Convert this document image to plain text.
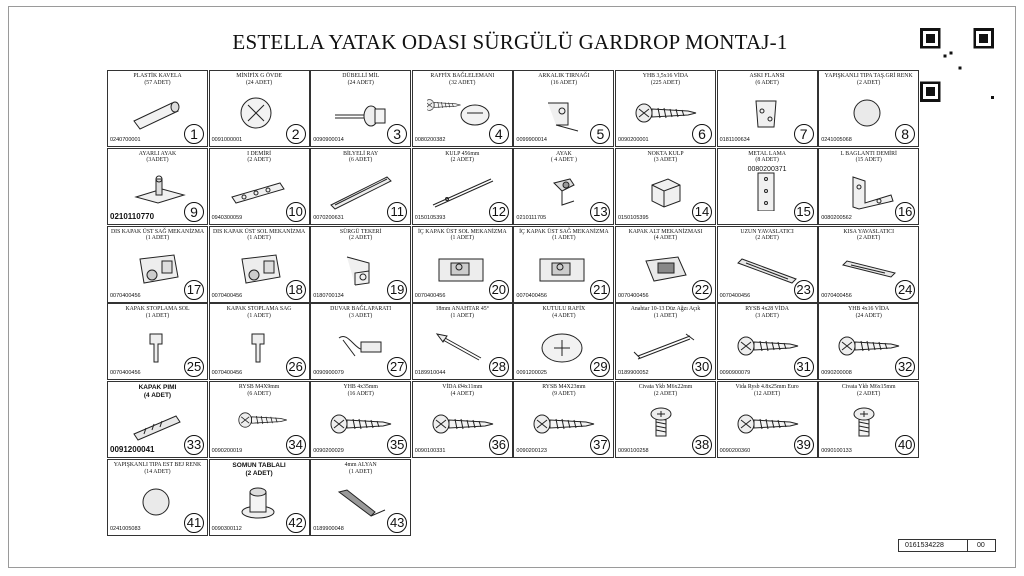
ESTELLA YATAK ODASI SÜRGÜLÜ GARDROP MONTAJ-1
PLASTİK KAVELA
(57 ADET)
0240700001	1
MİNİFİX G ÖVDE
(24 ADET)
0091000001	2
DÜBELLİ MİL
(24 ADET)
0090900014	3
RAFFİX BAĞLELEMANI
(32 ADET)
0080200382	4
ARKALIK TIRNAĞI
(16 ADET)
0099900014	5
YHB 3,5x16 VİDA
(225 ADET)
0090200001	6
ASKI FLANSI
(6 ADET)
0181100634	7
YAPIŞKANLI TIPA TAŞ.GRİ RENK
(2 ADET)
0241005068	8
AYARLI AYAK
(3ADET)
0210110770	9
I DEMİRİ
(2 ADET)
0940300059	10
BİLYELİ RAY
(6 ADET)
0070200631	11
KULP 456mm
(2 ADET)
0150105393	12
AYAK
( 4 ADET )
0210111705	13
NOKTA KULP
(3 ADET)
0150105395	14
METAL LAMA
(8 ADET)
0080200371
15
L BAGLANTI DEMİRİ
(15 ADET)
0080200562	16
DIS KAPAK ÜST SAĞ MEKANİZMA
(1 ADET)
0070400456	17
DIS KAPAK ÜST SOL MEKANİZMA
(1 ADET)
0070400456	18
SÜRGÜ TEKERİ
(2 ADET)
0180700134	19
İÇ KAPAK ÜST SOL MEKANİZMA
(1 ADET)
0070400456	20
İÇ KAPAK ÜST SAĞ MEKANİZMA
(1 ADET)
0070400456	21
KAPAK ALT MEKANİZMASI
(4 ADET)
0070400456	22
UZUN YAVASLATICI
(2 ADET)
0070400456	23
KISA YAVASLATICI
(2 ADET)
0070400456	24
KAPAK STOPLAMA SOL
(1 ADET)
0070400456	25
KAPAK STOPLAMA SAG
(1 ADET)
0070400456	26
DUVAR BAĞLAPARATI
(3 ADET)
0090900079	27
18mm ANAHTAR 45°
(1 ADET)
0189910044	28
KUTULU RAFİX
(4 ADET)
0091200025	29
Anahtar 10-13 Düz Ağzı Açık
(1 ADET)
0189900052	30
RYSB 4x28 VİDA
(3 ADET)
0090900079	31
YHB 4x16 VİDA
(24 ADET)
0090200008	32
KAPAK PIMI
(4 ADET)
0091200041 33
RYSB M4X9mm
(6 ADET)
0090200019	34
YHB 4x35mm
(16 ADET)
0090200029	35
VİDA Ø4x11mm
(4 ADET)
0090100331	36
RYSB M4X23mm
(9 ADET)
0090200123	37
Civata Ykb M6x22mm
(2 ADET)
0090100258	38
Vida Rysb 4.8x25mm Euro
(12 ADET)
0090200360	39
Civata Ykb M6x15mm
(2 ADET)
0090100133	40
YAPIŞKANLI TIPA EST BEJ RENK
(14 ADET)
0241005083	41
SOMUN TABLALI
(2 ADET)
0090300112	42
4mm ALYAN
(1 ADET)
0189900048	43
0161534228	00
